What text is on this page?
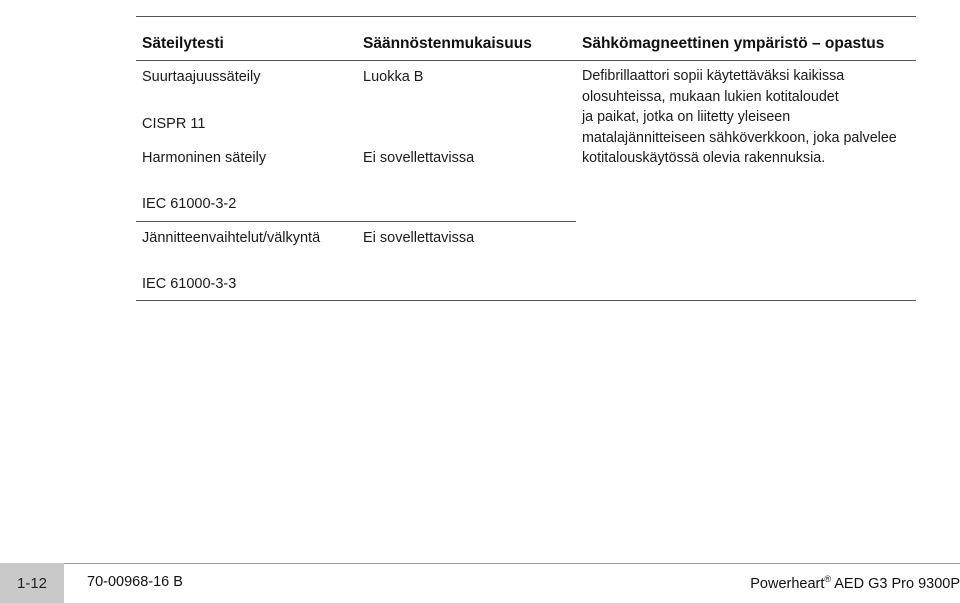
Säteilytesti	Säännöstenmukaisuus	Sähkömagneettinen ympäristö – opastus
Suurtaajuussäteily	Luokka B
CISPR 11
Harmoninen säteily	Ei sovellettavissa
IEC 61000-3-2
Jännitteenvaihtelut/välkyntä	Ei sovellettavissa
IEC 61000-3-3
Defibrillaattori sopii käytettäväksi kaikissa
olosuhteissa, mukaan lukien kotitaloudet
ja paikat, jotka on liitetty yleiseen
matalajännitteiseen sähköverkkoon, joka palvelee
kotitalouskäytössä olevia rakennuksia.
1-12	70-00968-16 B	Powerheart® AED G3 Pro 9300P
